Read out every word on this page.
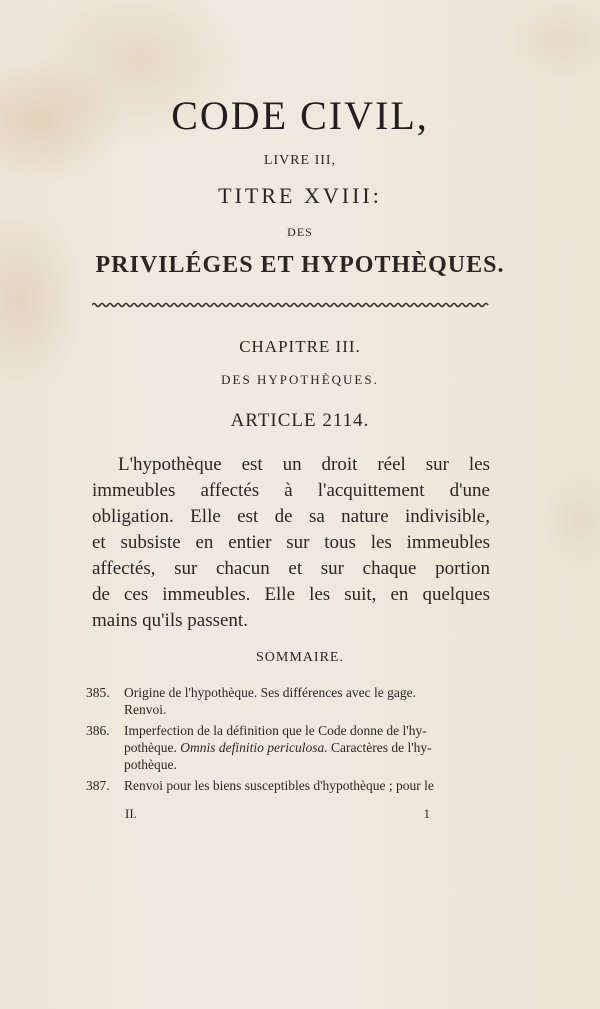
CODE CIVIL,
LIVRE III,
TITRE XVIII:
DES
PRIVILÉGES ET HYPOTHÈQUES.
CHAPITRE III.
DES HYPOTHÈQUES.
ARTICLE 2114.
L'hypothèque est un droit réel sur les
immeubles affectés à l'acquittement d'une
obligation. Elle est de sa nature indivisible,
et subsiste en entier sur tous les immeubles
affectés, sur chacun et sur chaque portion
de ces immeubles. Elle les suit, en quelques
mains qu'ils passent.
SOMMAIRE.
385.	Origine de l'hypothèque. Ses différences avec le gage.
Renvoi.
386.	Imperfection de la définition que le Code donne de l'hy-
pothèque. Omnis definitio periculosa. Caractères de l'hy-
pothèque.
387.	Renvoi pour les biens susceptibles d'hypothèque ; pour le
II.	1
